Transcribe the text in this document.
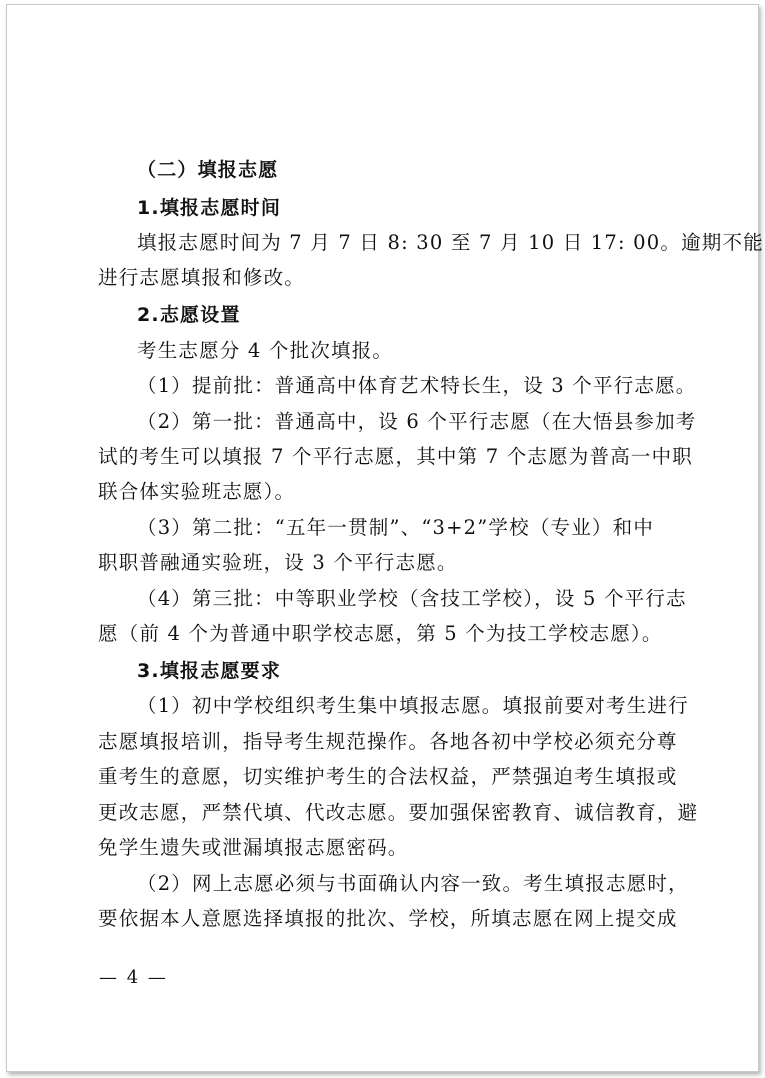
（二）填报志愿
1.填报志愿时间
填报志愿时间为 7 月 7 日 8: 30 至 7 月 10 日 17: 00。逾期不能
进行志愿填报和修改。
2.志愿设置
考生志愿分 4 个批次填报。
（1）提前批：普通高中体育艺术特长生，设 3 个平行志愿。
（2）第一批：普通高中，设 6 个平行志愿（在大悟县参加考
试的考生可以填报 7 个平行志愿，其中第 7 个志愿为普高一中职
联合体实验班志愿）。
（3）第二批：“五年一贯制”、“3+2”学校（专业）和中
职职普融通实验班，设 3 个平行志愿。
（4）第三批：中等职业学校（含技工学校），设 5 个平行志
愿（前 4 个为普通中职学校志愿，第 5 个为技工学校志愿）。
3.填报志愿要求
（1）初中学校组织考生集中填报志愿。填报前要对考生进行
志愿填报培训，指导考生规范操作。各地各初中学校必须充分尊
重考生的意愿，切实维护考生的合法权益，严禁强迫考生填报或
更改志愿，严禁代填、代改志愿。要加强保密教育、诚信教育，避
免学生遗失或泄漏填报志愿密码。
（2）网上志愿必须与书面确认内容一致。考生填报志愿时，
要依据本人意愿选择填报的批次、学校，所填志愿在网上提交成
— 4 —
